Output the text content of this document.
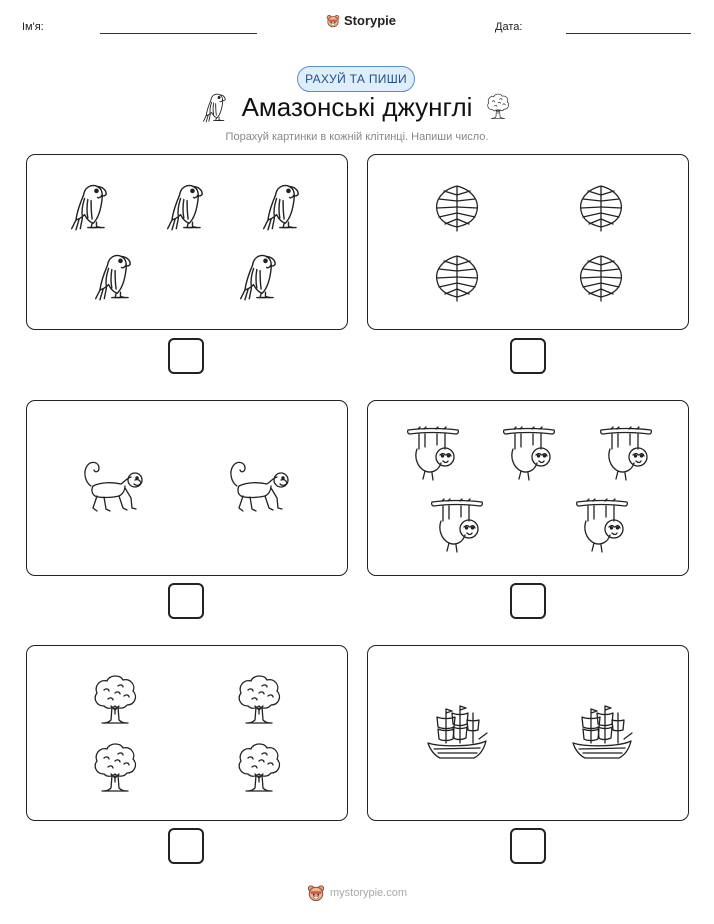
Ім'я:	Storypie	Дата:
РАХУЙ ТА ПИШИ
Амазонські джунглі
Порахуй картинки в кожній клітинці. Напиши число.
mystorypie.com
